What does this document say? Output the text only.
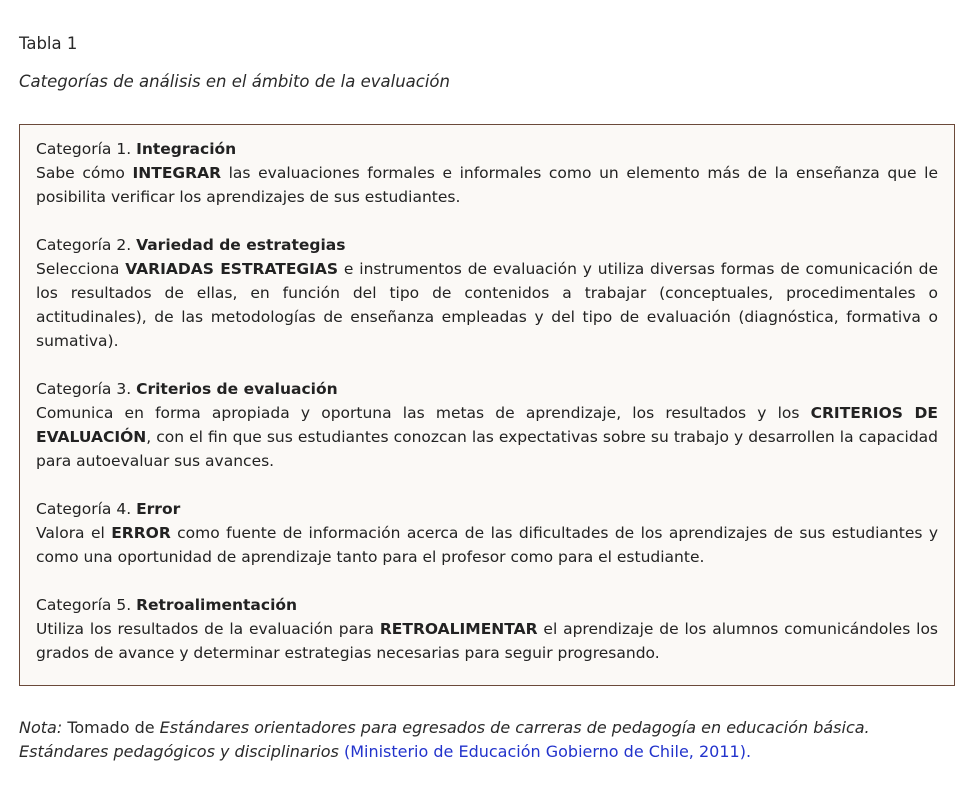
Tabla 1
Categorías de análisis en el ámbito de la evaluación
Categoría 1. Integración
Sabe cómo INTEGRAR las evaluaciones formales e informales como un elemento más de la enseñanza que le posibilita verificar los aprendizajes de sus estudiantes.
Categoría 2. Variedad de estrategias
Selecciona VARIADAS ESTRATEGIAS e instrumentos de evaluación y utiliza diversas formas de comunicación de los resultados de ellas, en función del tipo de contenidos a trabajar (conceptuales, procedimentales o actitudinales), de las metodologías de enseñanza empleadas y del tipo de evaluación (diagnóstica, formativa o sumativa).
Categoría 3. Criterios de evaluación
Comunica en forma apropiada y oportuna las metas de aprendizaje, los resultados y los CRITERIOS DE EVALUACIÓN, con el fin que sus estudiantes conozcan las expectativas sobre su trabajo y desarrollen la capacidad para autoevaluar sus avances.
Categoría 4. Error
Valora el ERROR como fuente de información acerca de las dificultades de los aprendizajes de sus estudiantes y como una oportunidad de aprendizaje tanto para el profesor como para el estudiante.
Categoría 5. Retroalimentación
Utiliza los resultados de la evaluación para RETROALIMENTAR el aprendizaje de los alumnos comunicándoles los grados de avance y determinar estrategias necesarias para seguir progresando.
Nota: Tomado de Estándares orientadores para egresados de carreras de pedagogía en educación básica. Estándares pedagógicos y disciplinarios (Ministerio de Educación Gobierno de Chile, 2011).
